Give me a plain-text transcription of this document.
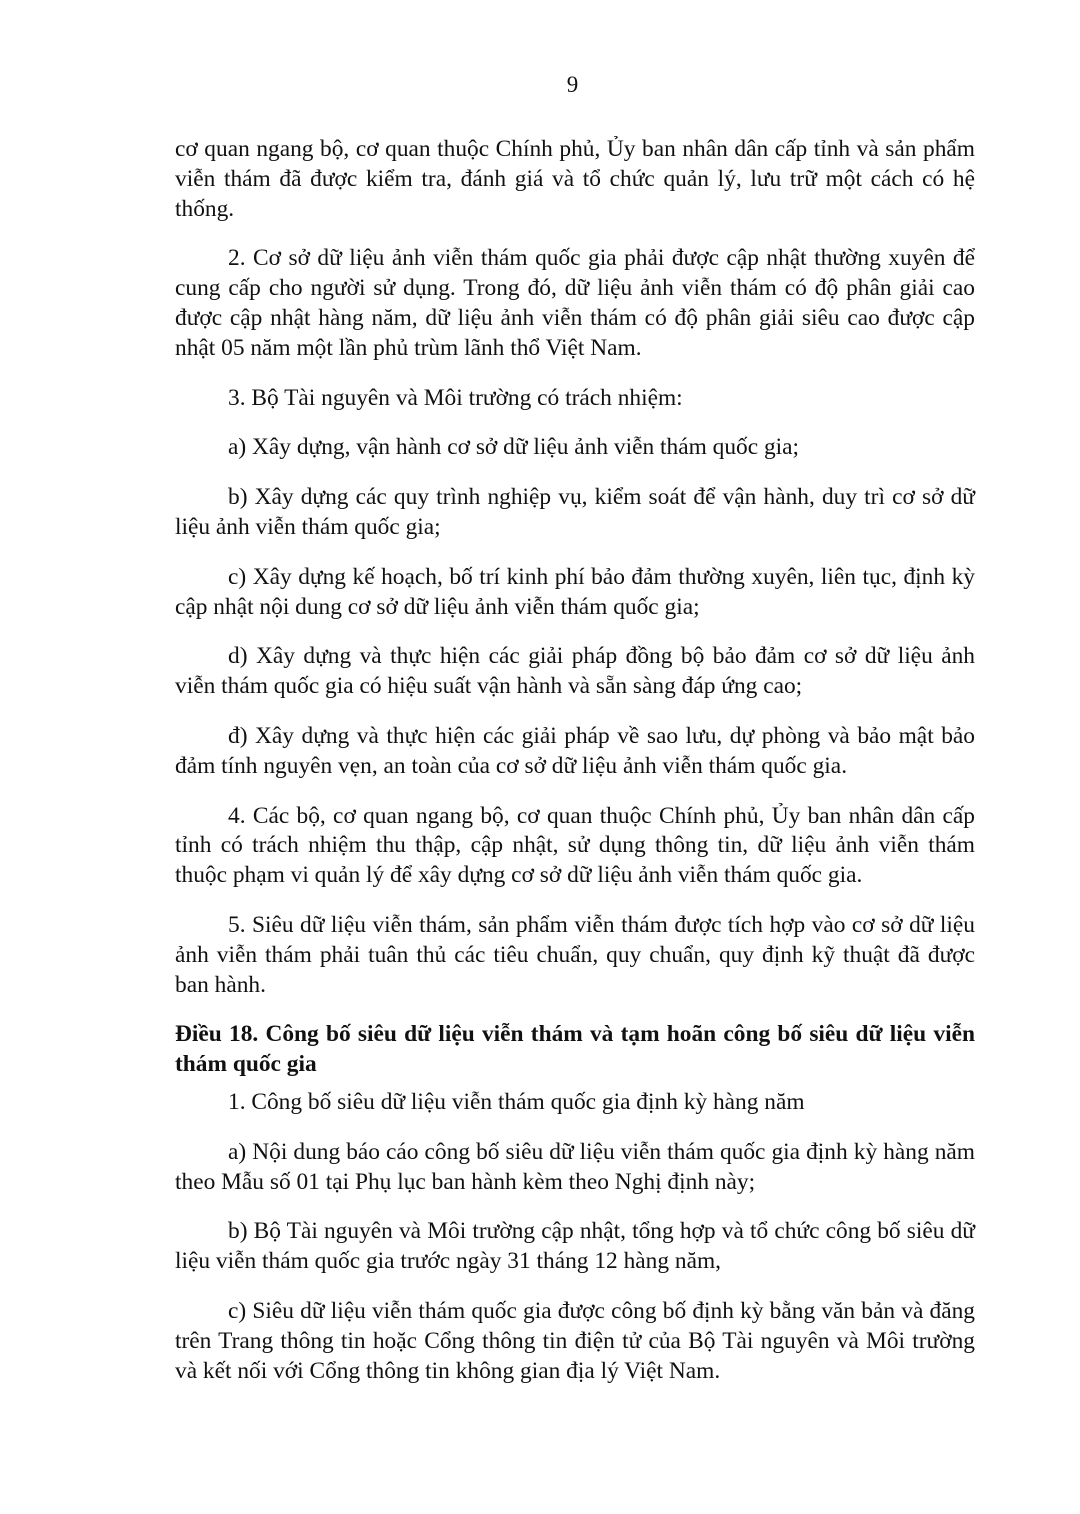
9

cơ quan ngang bộ, cơ quan thuộc Chính phủ, Ủy ban nhân dân cấp tỉnh và sản phẩm viễn thám đã được kiểm tra, đánh giá và tổ chức quản lý, lưu trữ một cách có hệ thống.

2. Cơ sở dữ liệu ảnh viễn thám quốc gia phải được cập nhật thường xuyên để cung cấp cho người sử dụng. Trong đó, dữ liệu ảnh viễn thám có độ phân giải cao được cập nhật hàng năm, dữ liệu ảnh viễn thám có độ phân giải siêu cao được cập nhật 05 năm một lần phủ trùm lãnh thổ Việt Nam.

3. Bộ Tài nguyên và Môi trường có trách nhiệm:

a) Xây dựng, vận hành cơ sở dữ liệu ảnh viễn thám quốc gia;

b) Xây dựng các quy trình nghiệp vụ, kiểm soát để vận hành, duy trì cơ sở dữ liệu ảnh viễn thám quốc gia;

c) Xây dựng kế hoạch, bố trí kinh phí bảo đảm thường xuyên, liên tục, định kỳ cập nhật nội dung cơ sở dữ liệu ảnh viễn thám quốc gia;

d) Xây dựng và thực hiện các giải pháp đồng bộ bảo đảm cơ sở dữ liệu ảnh viễn thám quốc gia có hiệu suất vận hành và sẵn sàng đáp ứng cao;

đ) Xây dựng và thực hiện các giải pháp về sao lưu, dự phòng và bảo mật bảo đảm tính nguyên vẹn, an toàn của cơ sở dữ liệu ảnh viễn thám quốc gia.

4. Các bộ, cơ quan ngang bộ, cơ quan thuộc Chính phủ, Ủy ban nhân dân cấp tỉnh có trách nhiệm thu thập, cập nhật, sử dụng thông tin, dữ liệu ảnh viễn thám thuộc phạm vi quản lý để xây dựng cơ sở dữ liệu ảnh viễn thám quốc gia.

5. Siêu dữ liệu viễn thám, sản phẩm viễn thám được tích hợp vào cơ sở dữ liệu ảnh viễn thám phải tuân thủ các tiêu chuẩn, quy chuẩn, quy định kỹ thuật đã được ban hành.

Điều 18. Công bố siêu dữ liệu viễn thám và tạm hoãn công bố siêu dữ liệu viễn thám quốc gia

1. Công bố siêu dữ liệu viễn thám quốc gia định kỳ hàng năm

a) Nội dung báo cáo công bố siêu dữ liệu viễn thám quốc gia định kỳ hàng năm theo Mẫu số 01 tại Phụ lục ban hành kèm theo Nghị định này;

b) Bộ Tài nguyên và Môi trường cập nhật, tổng hợp và tổ chức công bố siêu dữ liệu viễn thám quốc gia trước ngày 31 tháng 12 hàng năm,

c) Siêu dữ liệu viễn thám quốc gia được công bố định kỳ bằng văn bản và đăng trên Trang thông tin hoặc Cổng thông tin điện tử của Bộ Tài nguyên và Môi trường và kết nối với Cổng thông tin không gian địa lý Việt Nam.
